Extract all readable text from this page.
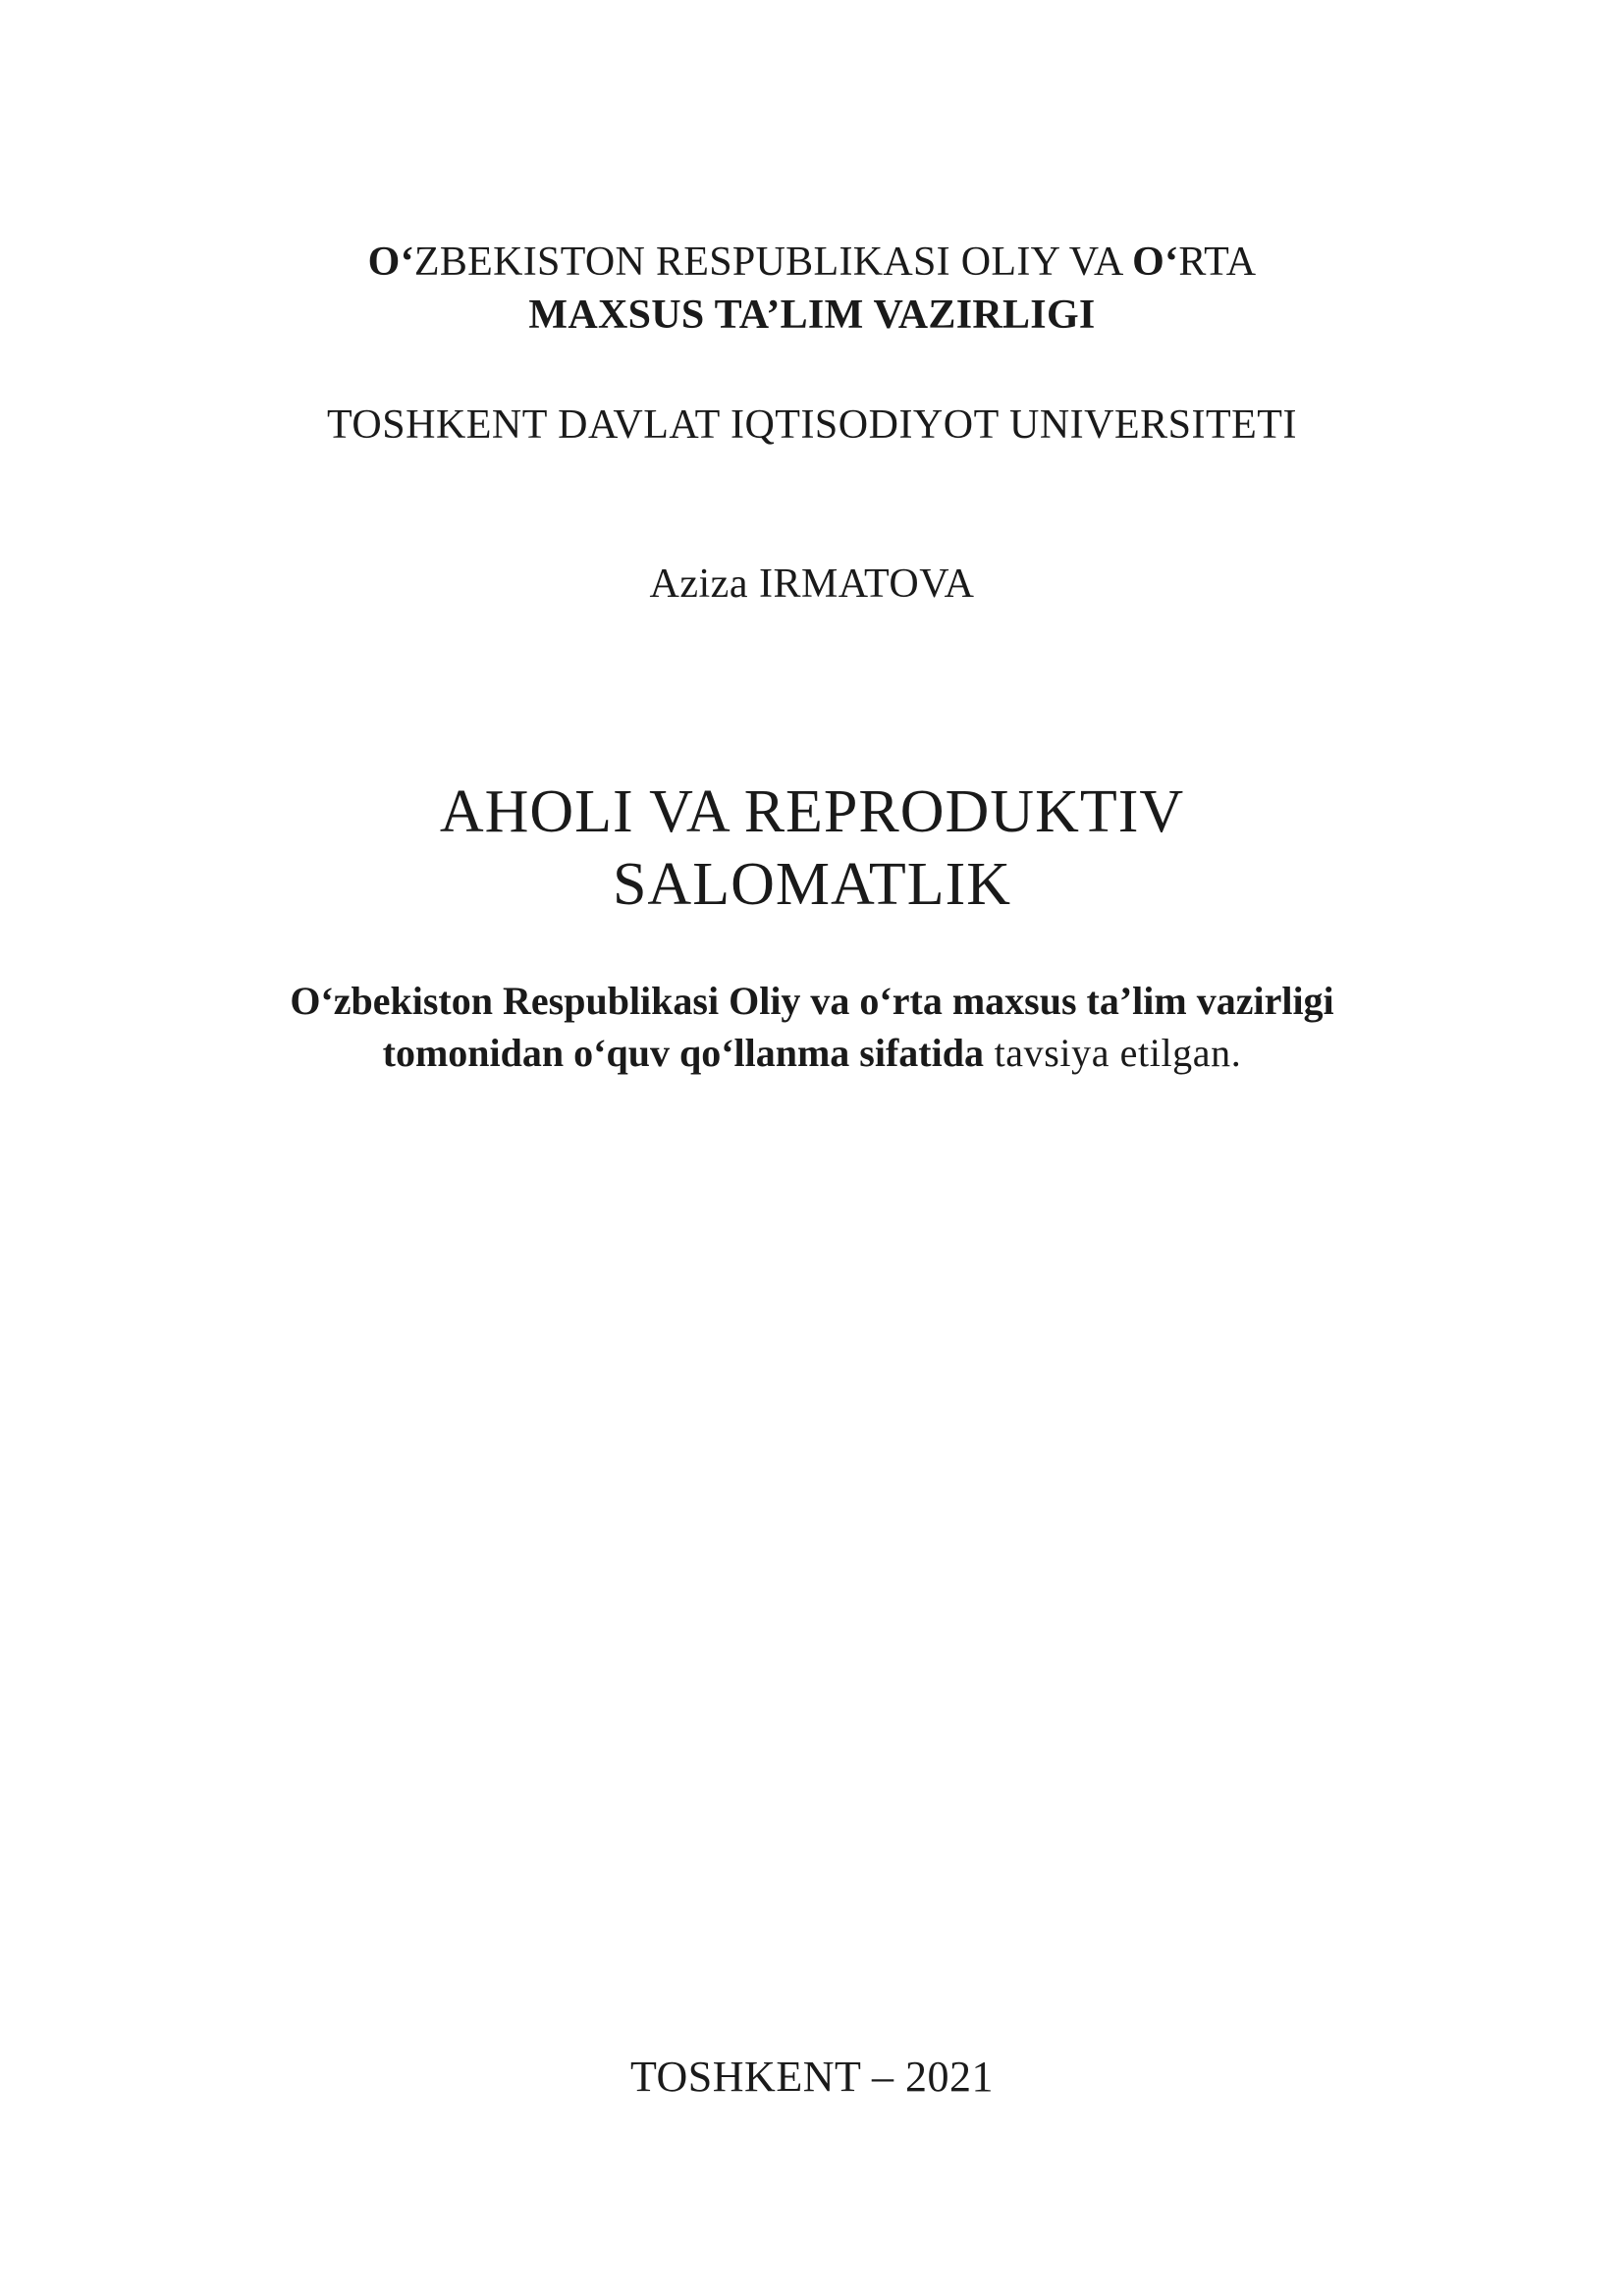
O‘ZBEKISTON RESPUBLIKASI OLIY VA O‘RTA
MAXSUS TA’LIM VAZIRLIGI
TOSHKENT DAVLAT IQTISODIYOT UNIVERSITETI
Aziza IRMATOVA
AHOLI VA REPRODUKTIV
SALOMATLIK
O‘zbekiston Respublikasi Oliy va o‘rta maxsus ta’lim vazirligi
tomonidan o‘quv qo‘llanma sifatida tavsiya etilgan.
TOSHKENT – 2021
